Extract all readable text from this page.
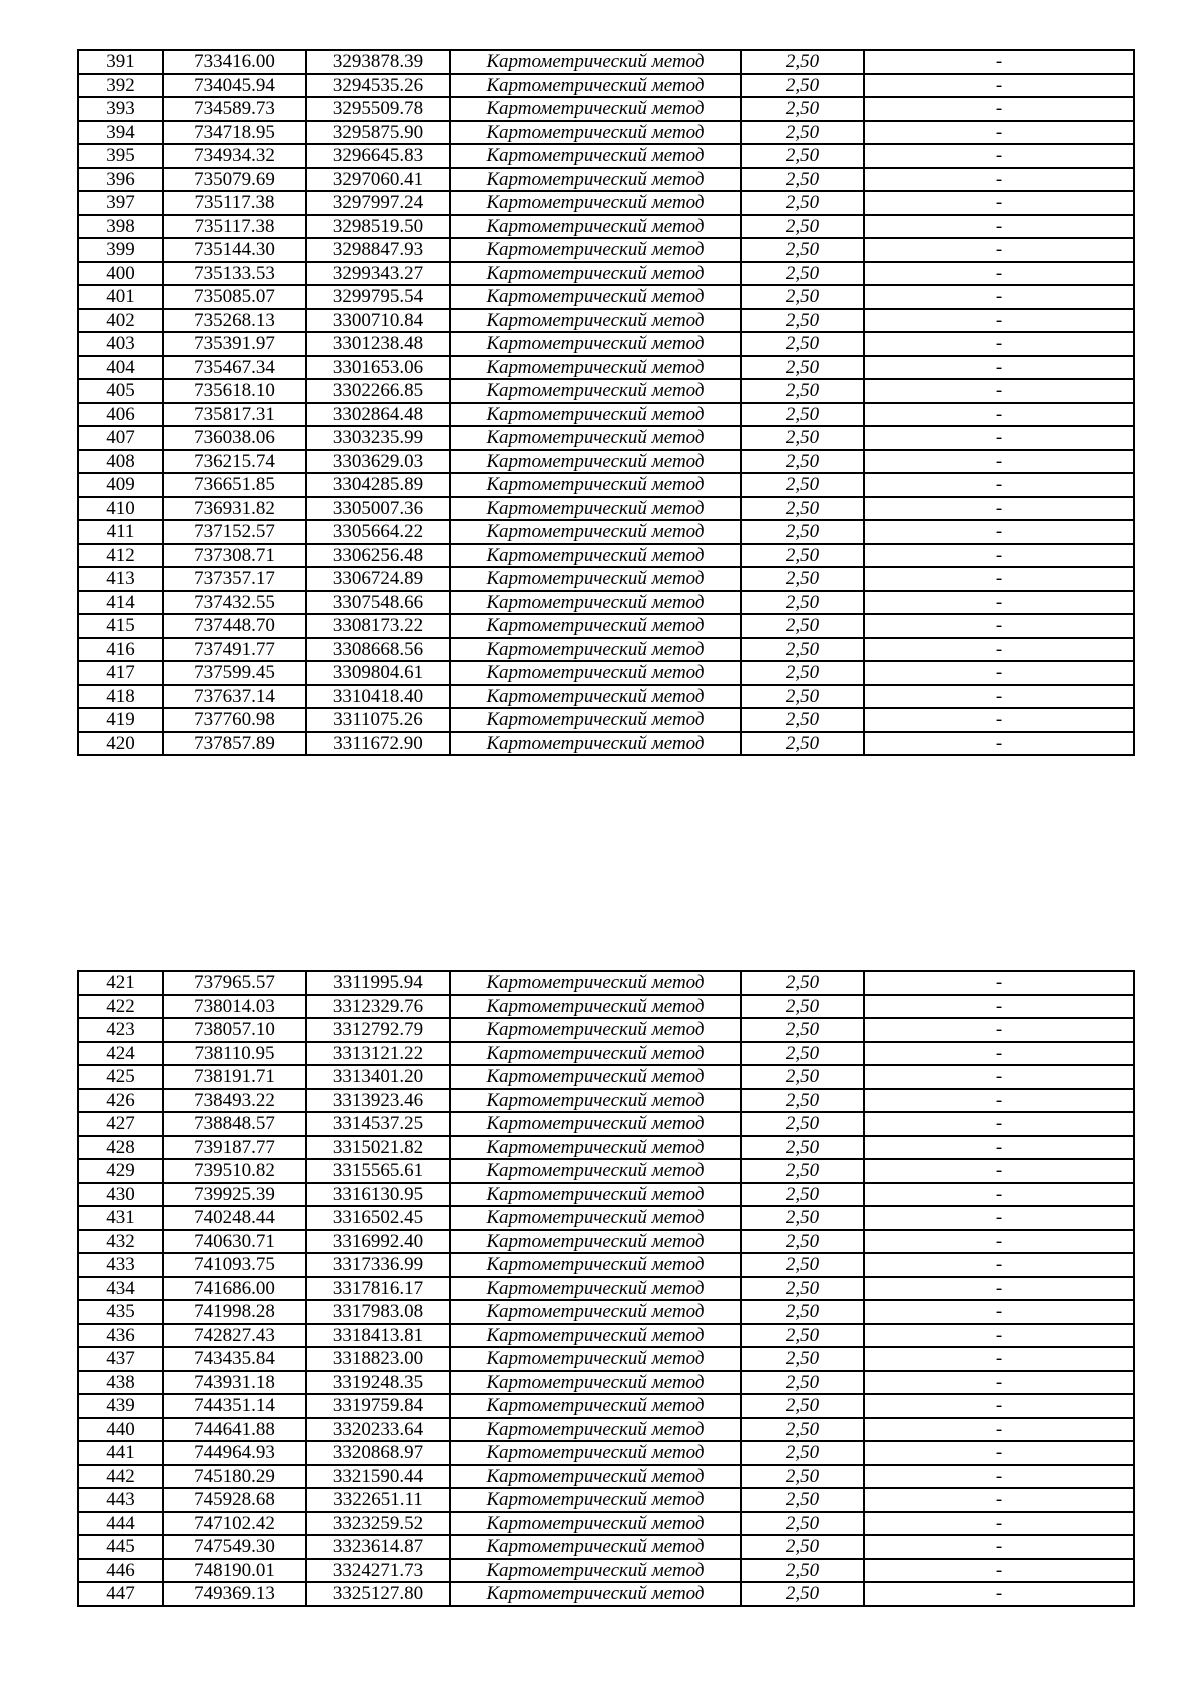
391	733416.00	3293878.39	Картометрический метод	2,50	-
392	734045.94	3294535.26	Картометрический метод	2,50	-
393	734589.73	3295509.78	Картометрический метод	2,50	-
394	734718.95	3295875.90	Картометрический метод	2,50	-
395	734934.32	3296645.83	Картометрический метод	2,50	-
396	735079.69	3297060.41	Картометрический метод	2,50	-
397	735117.38	3297997.24	Картометрический метод	2,50	-
398	735117.38	3298519.50	Картометрический метод	2,50	-
399	735144.30	3298847.93	Картометрический метод	2,50	-
400	735133.53	3299343.27	Картометрический метод	2,50	-
401	735085.07	3299795.54	Картометрический метод	2,50	-
402	735268.13	3300710.84	Картометрический метод	2,50	-
403	735391.97	3301238.48	Картометрический метод	2,50	-
404	735467.34	3301653.06	Картометрический метод	2,50	-
405	735618.10	3302266.85	Картометрический метод	2,50	-
406	735817.31	3302864.48	Картометрический метод	2,50	-
407	736038.06	3303235.99	Картометрический метод	2,50	-
408	736215.74	3303629.03	Картометрический метод	2,50	-
409	736651.85	3304285.89	Картометрический метод	2,50	-
410	736931.82	3305007.36	Картометрический метод	2,50	-
411	737152.57	3305664.22	Картометрический метод	2,50	-
412	737308.71	3306256.48	Картометрический метод	2,50	-
413	737357.17	3306724.89	Картометрический метод	2,50	-
414	737432.55	3307548.66	Картометрический метод	2,50	-
415	737448.70	3308173.22	Картометрический метод	2,50	-
416	737491.77	3308668.56	Картометрический метод	2,50	-
417	737599.45	3309804.61	Картометрический метод	2,50	-
418	737637.14	3310418.40	Картометрический метод	2,50	-
419	737760.98	3311075.26	Картометрический метод	2,50	-
420	737857.89	3311672.90	Картометрический метод	2,50	-
421	737965.57	3311995.94	Картометрический метод	2,50	-
422	738014.03	3312329.76	Картометрический метод	2,50	-
423	738057.10	3312792.79	Картометрический метод	2,50	-
424	738110.95	3313121.22	Картометрический метод	2,50	-
425	738191.71	3313401.20	Картометрический метод	2,50	-
426	738493.22	3313923.46	Картометрический метод	2,50	-
427	738848.57	3314537.25	Картометрический метод	2,50	-
428	739187.77	3315021.82	Картометрический метод	2,50	-
429	739510.82	3315565.61	Картометрический метод	2,50	-
430	739925.39	3316130.95	Картометрический метод	2,50	-
431	740248.44	3316502.45	Картометрический метод	2,50	-
432	740630.71	3316992.40	Картометрический метод	2,50	-
433	741093.75	3317336.99	Картометрический метод	2,50	-
434	741686.00	3317816.17	Картометрический метод	2,50	-
435	741998.28	3317983.08	Картометрический метод	2,50	-
436	742827.43	3318413.81	Картометрический метод	2,50	-
437	743435.84	3318823.00	Картометрический метод	2,50	-
438	743931.18	3319248.35	Картометрический метод	2,50	-
439	744351.14	3319759.84	Картометрический метод	2,50	-
440	744641.88	3320233.64	Картометрический метод	2,50	-
441	744964.93	3320868.97	Картометрический метод	2,50	-
442	745180.29	3321590.44	Картометрический метод	2,50	-
443	745928.68	3322651.11	Картометрический метод	2,50	-
444	747102.42	3323259.52	Картометрический метод	2,50	-
445	747549.30	3323614.87	Картометрический метод	2,50	-
446	748190.01	3324271.73	Картометрический метод	2,50	-
447	749369.13	3325127.80	Картометрический метод	2,50	-
